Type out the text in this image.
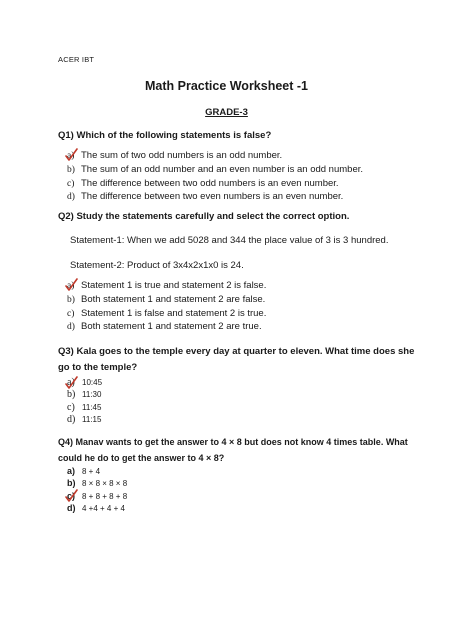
ACER IBT
Math Practice Worksheet -1
GRADE-3
Q1) Which of the following statements is false?
a) The sum of two odd numbers is an odd number.
b) The sum of an odd number and an even number is an odd number.
c) The difference between two odd numbers is an even number.
d) The difference between two even numbers is an even number.
Q2) Study the statements carefully and select the correct option.
Statement-1: When we add 5028 and 344 the place value of 3 is 3 hundred.
Statement-2: Product of 3x4x2x1x0 is 24.
a) Statement 1 is true and statement 2 is false.
b) Both statement 1 and statement 2 are false.
c) Statement 1 is false and statement 2 is true.
d) Both statement 1 and statement 2 are true.
Q3) Kala goes to the temple every day at quarter to eleven. What time does she go to the temple?
a) 10:45
b) 11:30
c) 11:45
d) 11:15
Q4) Manav wants to get the answer to 4 × 8 but does not know 4 times table. What could he do to get the answer to 4 × 8?
a) 8 + 4
b) 8 × 8 × 8 × 8
c) 8 + 8 + 8 + 8
d) 4 +4 + 4 + 4
